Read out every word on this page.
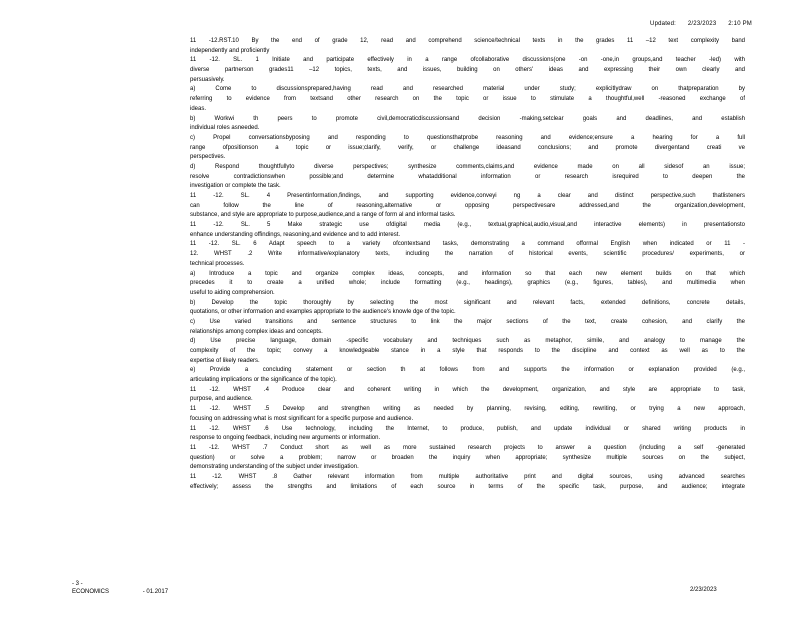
Updated: 2/23/2023 2:10 PM
11 -12.RST.10 By the end of grade 12, read and comprehend science/technical texts in the grades 11 –12 text complexity band
independently and proficiently
11 -12. SL. 1 Initiate and participate effectively in a range ofcollaborative discussions(one -on -one,in groups,and teacher -led) with
diverse partnerson grades11 –12 topics, texts, and issues, building on others' ideas and expressing their own clearly and
persuasively.
a) Come to discussionsprepared,having read and researched material under study; explicitlydraw on thatpreparation by
referring to evidence from textsand other research on the topic or issue to stimulate a thoughtful,well -reasoned exchange of
ideas.
b) Workwi th peers to promote civil,democraticdiscussionsand decision -making,setclear goals and deadlines, and establish
individual roles asneeded.
c) Propel conversationsbyposing and responding to questionsthatprobe reasoning and evidence;ensure a hearing for a full
range ofpositionson a topic or issue;clarify, verify, or challenge ideasand conclusions; and promote divergentand creati ve
perspectives.
d) Respond thoughtfullyto diverse perspectives; synthesize comments,claims,and evidence made on all sidesof an issue;
resolve contradictionswhen possible;and determine whatadditional information or research isrequired to deepen the
investigation or complete the task.
11 -12. SL. 4 Presentinformation,findings, and supporting evidence,conveyi ng a clear and distinct perspective,such thatlisteners
can follow the line of reasoning,alternative or opposing perspectivesare addressed,and the organization,development,
substance, and style are appropriate to purpose,audience,and a range of form al and informal tasks.
11 -12. SL. 5 Make strategic use ofdigital media (e.g., textual,graphical,audio,visual,and interactive elements) in presentationsto
enhance understanding offindings, reasoning,and evidence and to add interest.
11 -12. SL. 6 Adapt speech to a variety ofcontextsand tasks, demonstrating a command offormal English when indicated or 11 -
12. WHST .2 Write informative/explanatory texts, including the narration of historical events, scientific procedures/ experiments, or
technical processes.
a) Introduce a topic and organize complex ideas, concepts, and information so that each new element builds on that which
precedes it to create a unified whole; include formatting (e.g., headings), graphics (e.g., figures, tables), and multimedia when
useful to aiding comprehension.
b) Develop the topic thoroughly by selecting the most significant and relevant facts, extended definitions, concrete details,
quotations, or other information and examples appropriate to the audience's knowle dge of the topic.
c) Use varied transitions and sentence structures to link the major sections of the text, create cohesion, and clarify the
relationships among complex ideas and concepts.
d) Use precise language, domain -specific vocabulary and techniques such as metaphor, simile, and analogy to manage the
complexity of the topic; convey a knowledgeable stance in a style that responds to the discipline and context as well as to the
expertise of likely readers.
e) Provide a concluding statement or section th at follows from and supports the information or explanation provided (e.g.,
articulating implications or the significance of the topic).
11 -12. WHST .4 Produce clear and coherent writing in which the development, organization, and style are appropriate to task,
purpose, and audience.
11 -12. WHST .5 Develop and strengthen writing as needed by planning, revising, editing, rewriting, or trying a new approach,
focusing on addressing what is most significant for a specific purpose and audience.
11 -12. WHST .6 Use technology, including the Internet, to produce, publish, and update individual or shared writing products in
response to ongoing feedback, including new arguments or information.
11 -12. WHST .7 Conduct short as well as more sustained research projects to answer a question (including a self -generated
question) or solve a problem; narrow or broaden the inquiry when appropriate; synthesize multiple sources on the subject,
demonstrating understanding of the subject under investigation.
11 -12. WHST .8 Gather relevant information from multiple authoritative print and digital sources, using advanced searches
effectively; assess the strengths and limitations of each source in terms of the specific task, purpose, and audience; integrate
- 3 -
ECONOMICS	- 01.2017	2/23/2023
